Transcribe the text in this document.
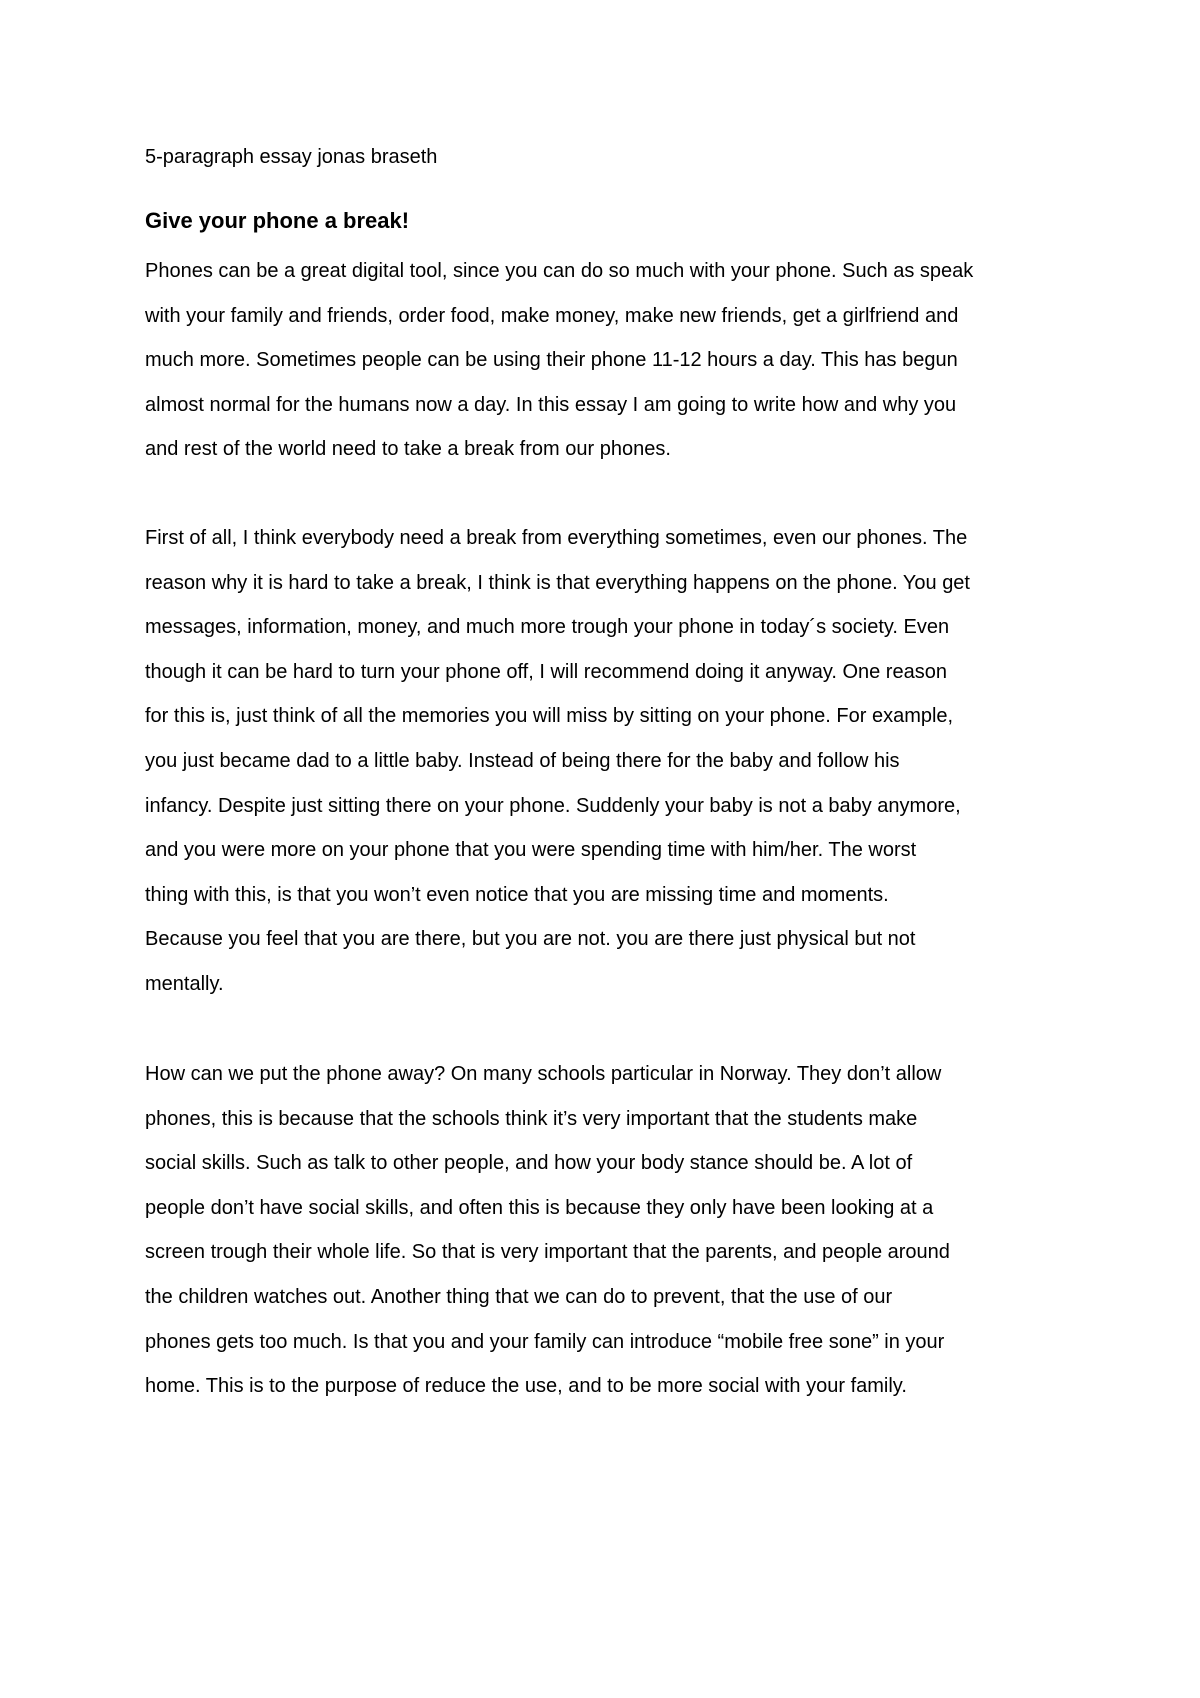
5-paragraph essay jonas braseth
Give your phone a break!

Phones can be a great digital tool, since you can do so much with your phone. Such as speak
with your family and friends, order food, make money, make new friends, get a girlfriend and
much more. Sometimes people can be using their phone 11-12 hours a day. This has begun
almost normal for the humans now a day. In this essay I am going to write how and why you
and rest of the world need to take a break from our phones.

First of all, I think everybody need a break from everything sometimes, even our phones. The
reason why it is hard to take a break, I think is that everything happens on the phone. You get
messages, information, money, and much more trough your phone in today´s society. Even
though it can be hard to turn your phone off, I will recommend doing it anyway. One reason
for this is, just think of all the memories you will miss by sitting on your phone. For example,
you just became dad to a little baby. Instead of being there for the baby and follow his
infancy. Despite just sitting there on your phone. Suddenly your baby is not a baby anymore,
and you were more on your phone that you were spending time with him/her. The worst
thing with this, is that you won’t even notice that you are missing time and moments.
Because you feel that you are there, but you are not. you are there just physical but not
mentally.

How can we put the phone away? On many schools particular in Norway. They don’t allow
phones, this is because that the schools think it’s very important that the students make
social skills. Such as talk to other people, and how your body stance should be. A lot of
people don’t have social skills, and often this is because they only have been looking at a
screen trough their whole life. So that is very important that the parents, and people around
the children watches out. Another thing that we can do to prevent, that the use of our
phones gets too much. Is that you and your family can introduce “mobile free sone” in your
home. This is to the purpose of reduce the use, and to be more social with your family.
